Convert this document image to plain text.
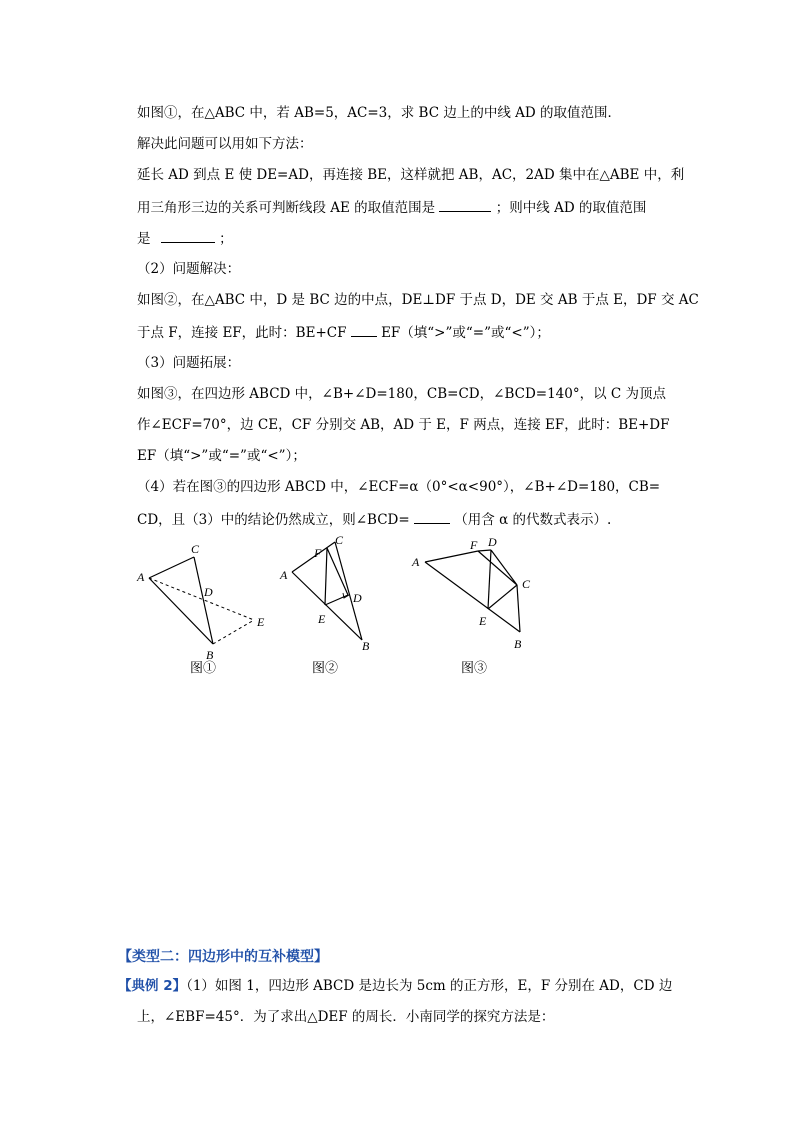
如图①，在△ABC 中，若 AB=5，AC=3，求 BC 边上的中线 AD 的取值范围．
解决此问题可以用如下方法：
延长 AD 到点 E 使 DE=AD，再连接 BE，这样就把 AB，AC，2AD 集中在△ABE 中，利
用三角形三边的关系可判断线段 AE 的取值范围是	；则中线 AD 的取值范围
是	；
（2）问题解决：
如图②，在△ABC 中，D 是 BC 边的中点，DE⊥DF 于点 D，DE 交 AB 于点 E，DF 交 AC
于点 F，连接 EF，此时：BE+CF	EF（填“>”或“=”或“<”）；
（3）问题拓展：
如图③，在四边形 ABCD 中，∠B+∠D=180，CB=CD，∠BCD=140°，以 C 为顶点
作∠ECF=70°，边 CE，CF 分别交 AB，AD 于 E，F 两点，连接 EF，此时：BE+DF
EF（填“>”或“=”或“<”）；
（4）若在图③的四边形 ABCD 中，∠ECF=α（0°<α<90°），∠B+∠D=180，CB=
CD，且（3）中的结论仍然成立，则∠BCD=	（用含 α 的代数式表示）.
A
C
D
E
B
图①
A
F
C
D
E
B
图②
A
F D
C
E
B
图③
【类型二：四边形中的互补模型】
【典例 2】（1）如图 1，四边形 ABCD 是边长为 5cm 的正方形，E，F 分别在 AD，CD 边
上，∠EBF=45°．为了求出△DEF 的周长．小南同学的探究方法是：
